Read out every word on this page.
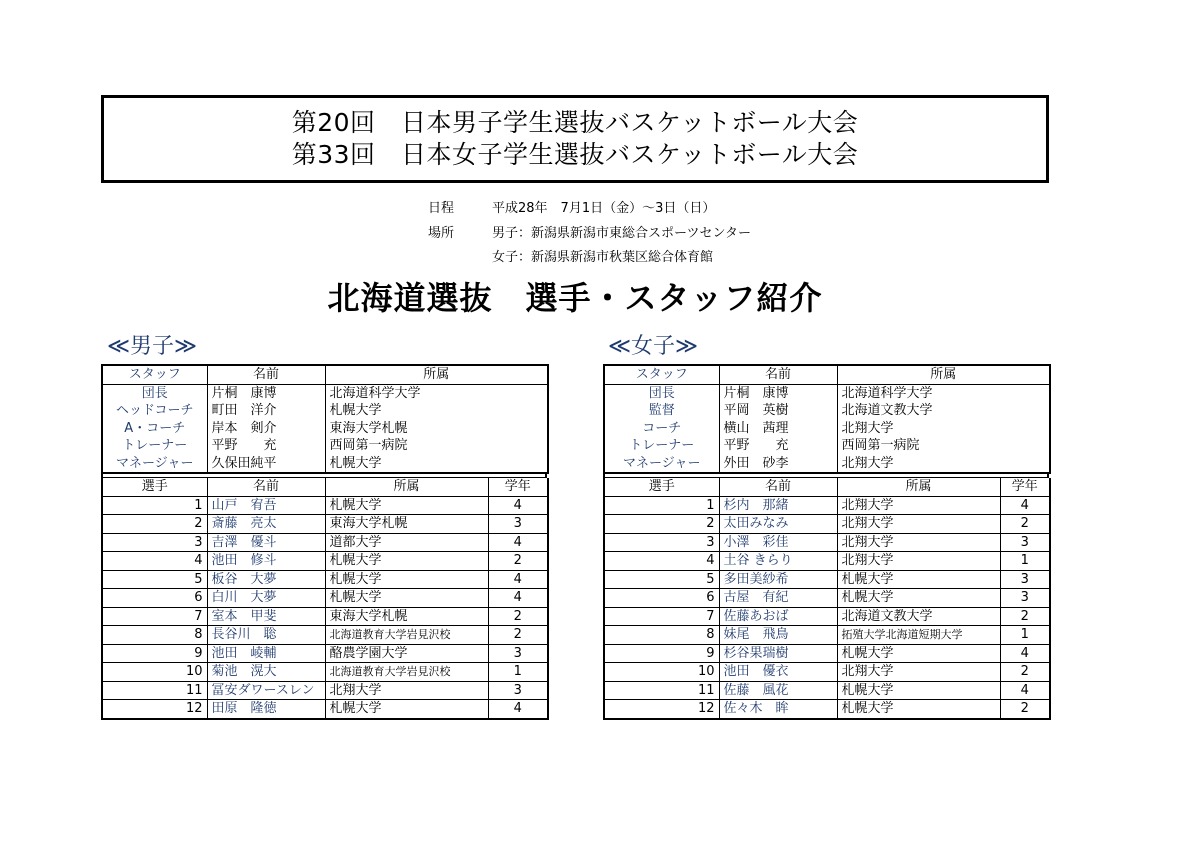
第20回　日本男子学生選抜バスケットボール大会
第33回　日本女子学生選抜バスケットボール大会
日程	平成28年　7月1日（金）～3日（日）
場所	男子：新潟県新潟市東総合スポーツセンター
女子：新潟県新潟市秋葉区総合体育館
北海道選抜　選手・スタッフ紹介
≪男子≫	≪女子≫
スタッフ	名前	所属
団長	片桐　康博	北海道科学大学
ヘッドコーチ	町田　洋介	札幌大学
A・コーチ	岸本　剣介	東海大学札幌
トレーナー	平野　　充	西岡第一病院
マネージャー	久保田純平	札幌大学
選手	名前	所属	学年
1	山戸　宥吾	札幌大学	4
2	斎藤　亮太	東海大学札幌	3
3	吉澤　優斗	道都大学	4
4	池田　修斗	札幌大学	2
5	板谷　大夢	札幌大学	4
6	白川　大夢	札幌大学	4
7	室本　甲斐	東海大学札幌	2
8	長谷川　聡	北海道教育大学岩見沢校	2
9	池田　崚輔	酪農学園大学	3
10	菊池　滉大	北海道教育大学岩見沢校	1
11	冨安ダワースレン	北翔大学	3
12	田原　隆徳	札幌大学	4
スタッフ	名前	所属
団長	片桐　康博	北海道科学大学
監督	平岡　英樹	北海道文教大学
コーチ	横山　茜理	北翔大学
トレーナー	平野　　充	西岡第一病院
マネージャー	外田　砂李	北翔大学
選手	名前	所属	学年
1	杉内　那緒	北翔大学	4
2	太田みなみ	北翔大学	2
3	小澤　彩佳	北翔大学	3
4	土谷 きらり	北翔大学	1
5	多田美紗希	札幌大学	3
6	古屋　有紀	札幌大学	3
7	佐藤あおば	北海道文教大学	2
8	妹尾　飛鳥	拓殖大学北海道短期大学	1
9	杉谷果瑞樹	札幌大学	4
10	池田　優衣	北翔大学	2
11	佐藤　風花	札幌大学	4
12	佐々木　眸	札幌大学	2
